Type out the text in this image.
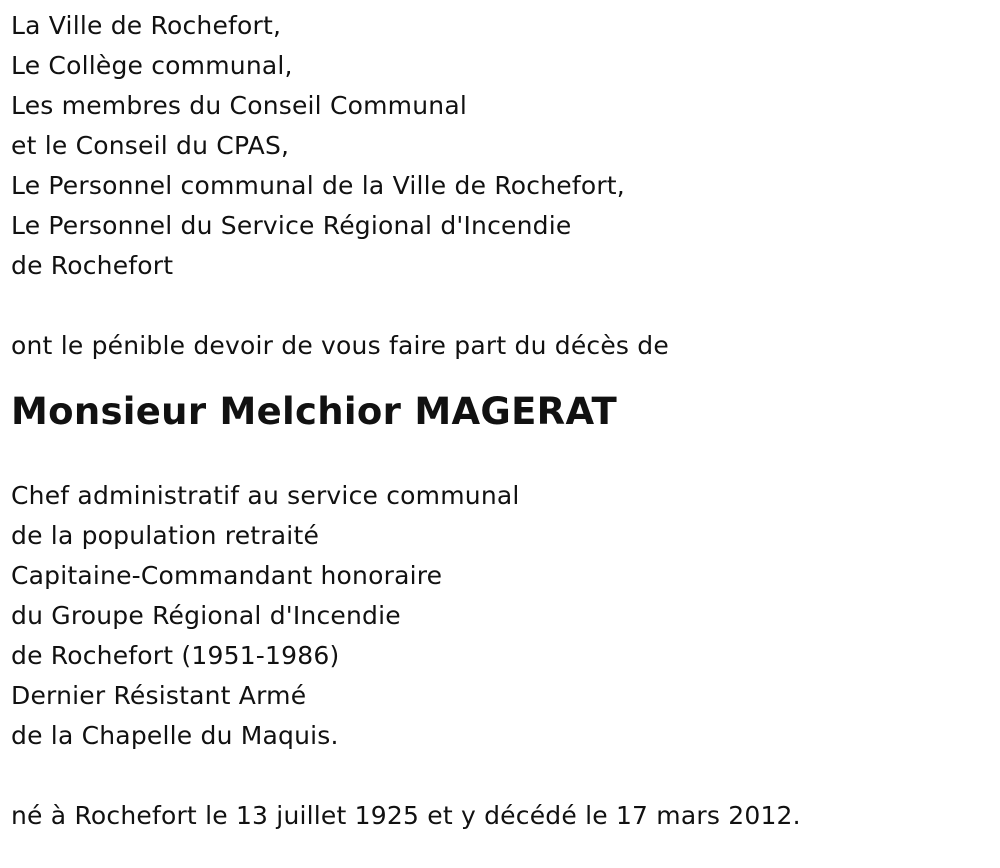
La Ville de Rochefort,
Le Collège communal,
Les membres du Conseil Communal
et le Conseil du CPAS,
Le Personnel communal de la Ville de Rochefort,
Le Personnel du Service Régional d'Incendie
de Rochefort
ont le pénible devoir de vous faire part du décès de
Monsieur Melchior MAGERAT
Chef administratif au service communal
de la population retraité
Capitaine-Commandant honoraire
du Groupe Régional d'Incendie
de Rochefort (1951-1986)
Dernier Résistant Armé
de la Chapelle du Maquis.
né à Rochefort le 13 juillet 1925 et y décédé le 17 mars 2012.
